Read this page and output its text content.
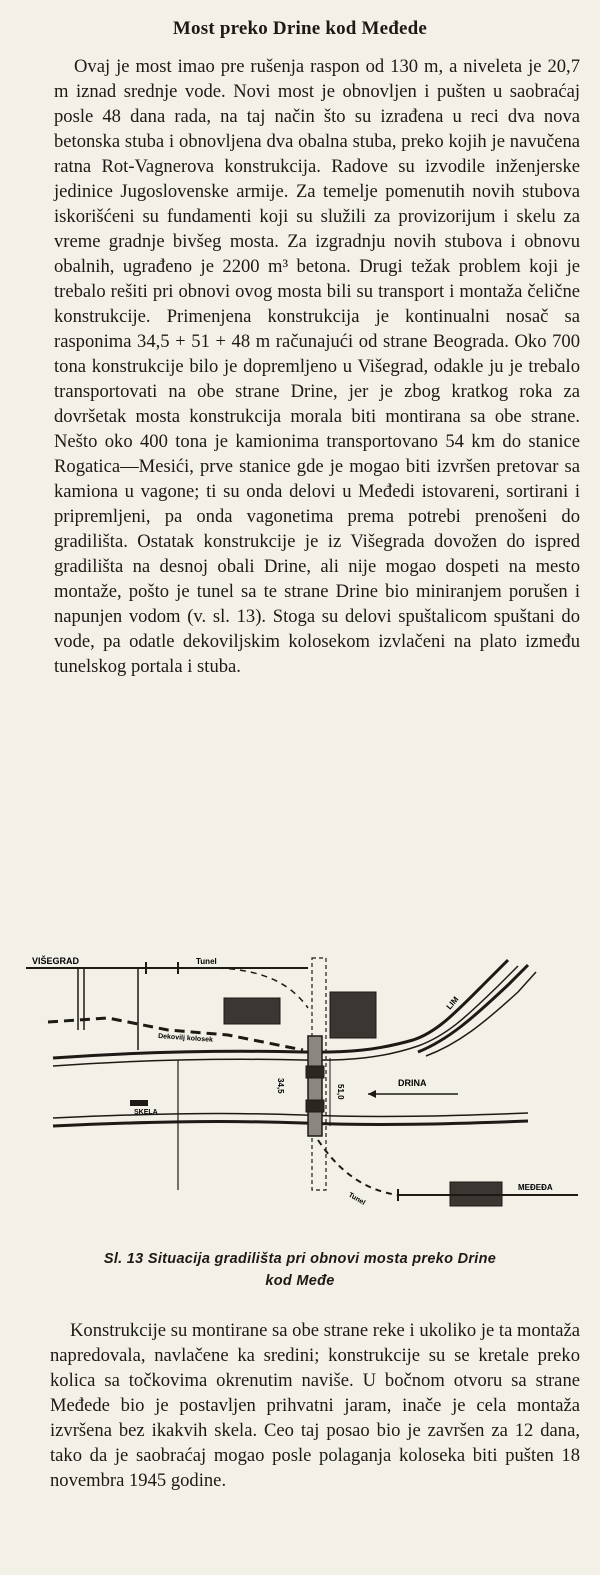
Most preko Drine kod Međede

Ovaj je most imao pre rušenja raspon od 130 m, a niveleta je 20,7 m iznad srednje vode. Novi most je obnovljen i pušten u saobraćaj posle 48 dana rada, na taj način što su izrađena u reci dva nova betonska stuba i obnovljena dva obalna stuba, preko kojih je navučena ratna Rot-Vagnerova konstrukcija. Radove su izvodile inženjerske jedinice Jugoslovenske armije. Za temelje pomenutih novih stubova iskorišćeni su fundamenti koji su služili za provizorijum i skelu za vreme gradnje bivšeg mosta. Za izgradnju novih stubova i obnovu obalnih, ugrađeno je 2200 m³ betona. Drugi težak problem koji je trebalo rešiti pri obnovi ovog mosta bili su transport i montaža čelične konstrukcije. Primenjena konstrukcija je kontinualni nosač sa rasponima 34,5 + 51 + 48 m računajući od strane Beograda. Oko 700 tona konstrukcije bilo je dopremljeno u Višegrad, odakle ju je trebalo transportovati na obe strane Drine, jer je zbog kratkog roka za dovršetak mosta konstrukcija morala biti montirana sa obe strane. Nešto oko 400 tona je kamionima transportovano 54 km do stanice Rogatica—Mesići, prve stanice gde je mogao biti izvršen pretovar sa kamiona u vagone; ti su onda delovi u Međedi istovareni, sortirani i pripremljeni, pa onda vagonetima prema potrebi prenošeni do gradilišta. Ostatak konstrukcije je iz Višegrada dovožen do ispred gradilišta na desnoj obali Drine, ali nije mogao dospeti na mesto montaže, pošto je tunel sa te strane Drine bio miniranjem porušen i napunjen vodom (v. sl. 13). Stoga su delovi spuštalicom spuštani do vode, pa odatle dekoviljskim kolosekom izvlačeni na plato između tunelskog portala i stuba.

VIŠEGRAD	Tunel
Dekovilj kolosek
34,5	51,0
SKELA
DRINA
LIM
Tunel
MEĐEĐA
Sl. 13 Situacija gradilišta pri obnovi mosta preko Drine
kod Međe

Konstrukcije su montirane sa obe strane reke i ukoliko je ta montaža napredovala, navlačene ka sredini; konstrukcije su se kretale preko kolica sa točkovima okrenutim naviše. U bočnom otvoru sa strane Međede bio je postavljen prihvatni jaram, inače je cela montaža izvršena bez ikakvih skela. Ceo taj posao bio je završen za 12 dana, tako da je saobraćaj mogao posle polaganja koloseka biti pušten 18 novembra 1945 godine.
